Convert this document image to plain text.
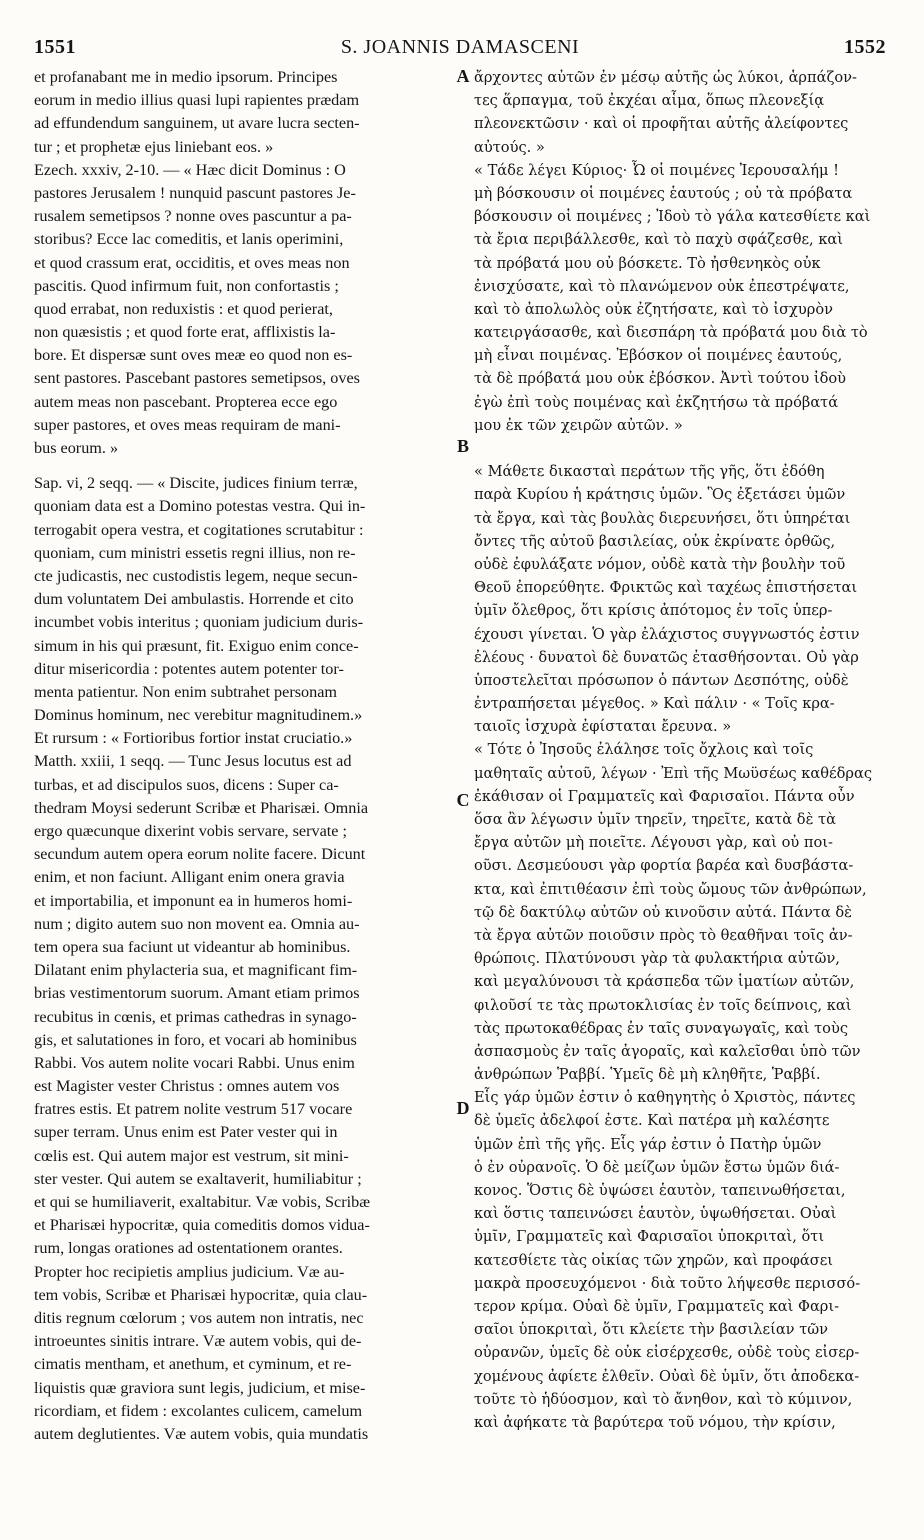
1551	S. JOANNIS DAMASCENI	1552
A
B
C
D
et profanabant me in medio ipsorum. Principes
eorum in medio illius quasi lupi rapientes prædam
ad effundendum sanguinem, ut avare lucra secten-
tur ; et prophetæ ejus liniebant eos. »
Ezech. xxxiv, 2-10. — « Hæc dicit Dominus : O
pastores Jerusalem ! nunquid pascunt pastores Je-
rusalem semetipsos ? nonne oves pascuntur a pa-
storibus? Ecce lac comeditis, et lanis operimini,
et quod crassum erat, occiditis, et oves meas non
pascitis. Quod infirmum fuit, non confortastis ;
quod errabat, non reduxistis : et quod perierat,
non quæsistis ; et quod forte erat, afflixistis la-
bore. Et dispersæ sunt oves meæ eo quod non es-
sent pastores. Pascebant pastores semetipsos, oves
autem meas non pascebant. Propterea ecce ego
super pastores, et oves meas requiram de mani-
bus eorum. »
Sap. vi, 2 seqq. — « Discite, judices finium terræ,
quoniam data est a Domino potestas vestra. Qui in-
terrogabit opera vestra, et cogitationes scrutabitur :
quoniam, cum ministri essetis regni illius, non re-
cte judicastis, nec custodistis legem, neque secun-
dum voluntatem Dei ambulastis. Horrende et cito
incumbet vobis interitus ; quoniam judicium duris-
simum in his qui præsunt, fit. Exiguo enim conce-
ditur misericordia : potentes autem potenter tor-
menta patientur. Non enim subtrahet personam
Dominus hominum, nec verebitur magnitudinem.»
Et rursum : « Fortioribus fortior instat cruciatio.»
Matth. xxiii, 1 seqq. — Tunc Jesus locutus est ad
turbas, et ad discipulos suos, dicens : Super ca-
thedram Moysi sederunt Scribæ et Pharisæi. Omnia
ergo quæcunque dixerint vobis servare, servate ;
secundum autem opera eorum nolite facere. Dicunt
enim, et non faciunt. Alligant enim onera gravia
et importabilia, et imponunt ea in humeros homi-
num ; digito autem suo non movent ea. Omnia au-
tem opera sua faciunt ut videantur ab hominibus.
Dilatant enim phylacteria sua, et magnificant fim-
brias vestimentorum suorum. Amant etiam primos
recubitus in cœnis, et primas cathedras in synago-
gis, et salutationes in foro, et vocari ab hominibus
Rabbi. Vos autem nolite vocari Rabbi. Unus enim
est Magister vester Christus : omnes autem vos
fratres estis. Et patrem nolite vestrum 517 vocare
super terram. Unus enim est Pater vester qui in
cœlis est. Qui autem major est vestrum, sit mini-
ster vester. Qui autem se exaltaverit, humiliabitur ;
et qui se humiliaverit, exaltabitur. Væ vobis, Scribæ
et Pharisæi hypocritæ, quia comeditis domos vidua-
rum, longas orationes ad ostentationem orantes.
Propter hoc recipietis amplius judicium. Væ au-
tem vobis, Scribæ et Pharisæi hypocritæ, quia clau-
ditis regnum cœlorum ; vos autem non intratis, nec
introeuntes sinitis intrare. Væ autem vobis, qui de-
cimatis mentham, et anethum, et cyminum, et re-
liquistis quæ graviora sunt legis, judicium, et mise-
ricordiam, et fidem : excolantes culicem, camelum
autem deglutientes. Væ autem vobis, quia mundatis
ἄρχοντες αὐτῶν ἐν μέσῳ αὐτῆς ὡς λύκοι, ἁρπάζον-
τες ἅρπαγμα, τοῦ ἐκχέαι αἷμα, ὅπως πλεονεξίᾳ
πλεονεκτῶσιν · καὶ οἱ προφῆται αὐτῆς ἀλείφοντες
αὐτούς. »
« Τάδε λέγει Κύριος· Ὦ οἱ ποιμένες Ἰερουσαλήμ !
μὴ βόσκουσιν οἱ ποιμένες ἑαυτούς ; οὐ τὰ πρόβατα
βόσκουσιν οἱ ποιμένες ; Ἰδοὺ τὸ γάλα κατεσθίετε καὶ
τὰ ἔρια περιβάλλεσθε, καὶ τὸ παχὺ σφάζεσθε, καὶ
τὰ πρόβατά μου οὐ βόσκετε. Τὸ ἠσθενηκὸς οὐκ
ἐνισχύσατε, καὶ τὸ πλανώμενον οὐκ ἐπεστρέψατε,
καὶ τὸ ἀπολωλὸς οὐκ ἐζητήσατε, καὶ τὸ ἰσχυρὸν
κατειργάσασθε, καὶ διεσπάρη τὰ πρόβατά μου διὰ τὸ
μὴ εἶναι ποιμένας. Ἐβόσκον οἱ ποιμένες ἑαυτούς,
τὰ δὲ πρόβατά μου οὐκ ἐβόσκον. Ἀντὶ τούτου ἰδοὺ
ἐγὼ ἐπὶ τοὺς ποιμένας καὶ ἐκζητήσω τὰ πρόβατά
μου ἐκ τῶν χειρῶν αὐτῶν. »
« Μάθετε δικασταὶ περάτων τῆς γῆς, ὅτι ἐδόθη
παρὰ Κυρίου ἡ κράτησις ὑμῶν. Ὃς ἐξετάσει ὑμῶν
τὰ ἔργα, καὶ τὰς βουλὰς διερευνήσει, ὅτι ὑπηρέται
ὄντες τῆς αὐτοῦ βασιλείας, οὐκ ἐκρίνατε ὀρθῶς,
οὐδὲ ἐφυλάξατε νόμον, οὐδὲ κατὰ τὴν βουλὴν τοῦ
Θεοῦ ἐπορεύθητε. Φρικτῶς καὶ ταχέως ἐπιστήσεται
ὑμῖν ὄλεθρος, ὅτι κρίσις ἀπότομος ἐν τοῖς ὑπερ-
έχουσι γίνεται. Ὁ γὰρ ἐλάχιστος συγγνωστός ἐστιν
ἐλέους · δυνατοὶ δὲ δυνατῶς ἐτασθήσονται. Οὐ γὰρ
ὑποστελεῖται πρόσωπον ὁ πάντων Δεσπότης, οὐδὲ
ἐντραπήσεται μέγεθος. » Καὶ πάλιν · « Τοῖς κρα-
ταιοῖς ἰσχυρὰ ἐφίσταται ἔρευνα. »
« Τότε ὁ Ἰησοῦς ἐλάλησε τοῖς ὄχλοις καὶ τοῖς
μαθηταῖς αὐτοῦ, λέγων · Ἐπὶ τῆς Μωϋσέως καθέδρας
ἐκάθισαν οἱ Γραμματεῖς καὶ Φαρισαῖοι. Πάντα οὖν
ὅσα ἂν λέγωσιν ὑμῖν τηρεῖν, τηρεῖτε, κατὰ δὲ τὰ
ἔργα αὐτῶν μὴ ποιεῖτε. Λέγουσι γὰρ, καὶ οὐ ποι-
οῦσι. Δεσμεύουσι γὰρ φορτία βαρέα καὶ δυσβάστα-
κτα, καὶ ἐπιτιθέασιν ἐπὶ τοὺς ὤμους τῶν ἀνθρώπων,
τῷ δὲ δακτύλῳ αὐτῶν οὐ κινοῦσιν αὐτά. Πάντα δὲ
τὰ ἔργα αὐτῶν ποιοῦσιν πρὸς τὸ θεαθῆναι τοῖς ἀν-
θρώποις. Πλατύνουσι γὰρ τὰ φυλακτήρια αὐτῶν,
καὶ μεγαλύνουσι τὰ κράσπεδα τῶν ἱματίων αὐτῶν,
φιλοῦσί τε τὰς πρωτοκλισίας ἐν τοῖς δείπνοις, καὶ
τὰς πρωτοκαθέδρας ἐν ταῖς συναγωγαῖς, καὶ τοὺς
ἀσπασμοὺς ἐν ταῖς ἀγοραῖς, καὶ καλεῖσθαι ὑπὸ τῶν
ἀνθρώπων Ῥαββί. Ὑμεῖς δὲ μὴ κληθῆτε, Ῥαββί.
Εἷς γάρ ὑμῶν ἐστιν ὁ καθηγητὴς ὁ Χριστὸς, πάντες
δὲ ὑμεῖς ἀδελφοί ἐστε. Καὶ πατέρα μὴ καλέσητε
ὑμῶν ἐπὶ τῆς γῆς. Εἷς γάρ ἐστιν ὁ Πατὴρ ὑμῶν
ὁ ἐν οὐρανοῖς. Ὁ δὲ μείζων ὑμῶν ἔστω ὑμῶν διά-
κονος. Ὅστις δὲ ὑψώσει ἑαυτὸν, ταπεινωθήσεται,
καὶ ὅστις ταπεινώσει ἑαυτὸν, ὑψωθήσεται. Οὐαὶ
ὑμῖν, Γραμματεῖς καὶ Φαρισαῖοι ὑποκριταὶ, ὅτι
κατεσθίετε τὰς οἰκίας τῶν χηρῶν, καὶ προφάσει
μακρὰ προσευχόμενοι · διὰ τοῦτο λήψεσθε περισσό-
τερον κρίμα. Οὐαὶ δὲ ὑμῖν, Γραμματεῖς καὶ Φαρι-
σαῖοι ὑποκριταὶ, ὅτι κλείετε τὴν βασιλείαν τῶν
οὐρανῶν, ὑμεῖς δὲ οὐκ εἰσέρχεσθε, οὐδὲ τοὺς εἰσερ-
χομένους ἀφίετε ἐλθεῖν. Οὐαὶ δὲ ὑμῖν, ὅτι ἀποδεκα-
τοῦτε τὸ ἡδύοσμον, καὶ τὸ ἄνηθον, καὶ τὸ κύμινον,
καὶ ἀφήκατε τὰ βαρύτερα τοῦ νόμου, τὴν κρίσιν,
